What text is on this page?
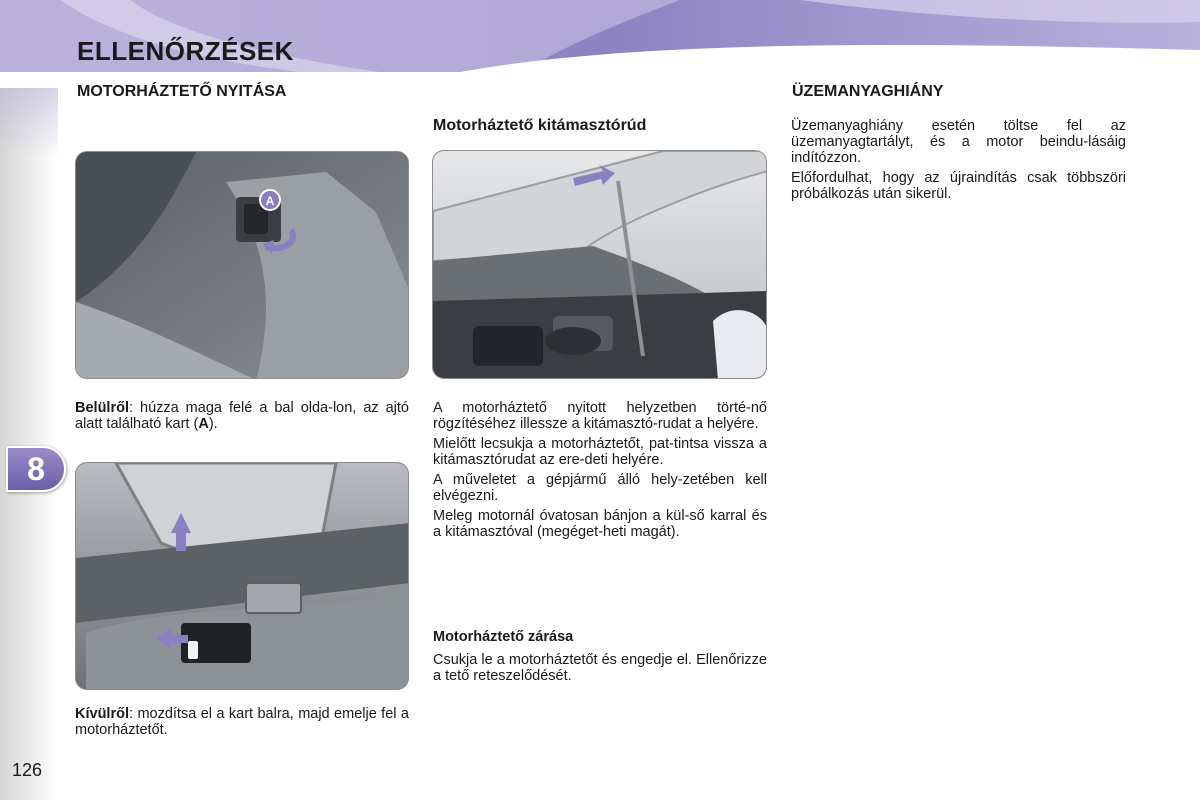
ELLENŐRZÉSEK
8
126
MOTORHÁZTETŐ NYITÁSA
A

Belülről: húzza maga felé a bal olda-lon, az ajtó alatt található kart (A).

Kívülről: mozdítsa el a kart balra, majd emelje fel a motorháztetőt.

Motorháztető kitámasztórúd

A motorháztető nyitott helyzetben törté-nő rögzítéséhez illessze a kitámasztó-rudat a helyére.

Mielőtt lecsukja a motorháztetőt, pat-tintsa vissza a kitámasztórudat az ere-deti helyére.

A műveletet a gépjármű álló hely-zetében kell elvégezni.

Meleg motornál óvatosan bánjon a kül-ső karral és a kitámasztóval (megéget-heti magát).

Motorháztető zárása

Csukja le a motorháztetőt és engedje el. Ellenőrizze a tető reteszelődését.

ÜZEMANYAGHIÁNY

Üzemanyaghiány esetén töltse fel az üzemanyagtartályt, és a motor beindu-lásáig indítózzon.

Előfordulhat, hogy az újraindítás csak többszöri próbálkozás után sikerül.
